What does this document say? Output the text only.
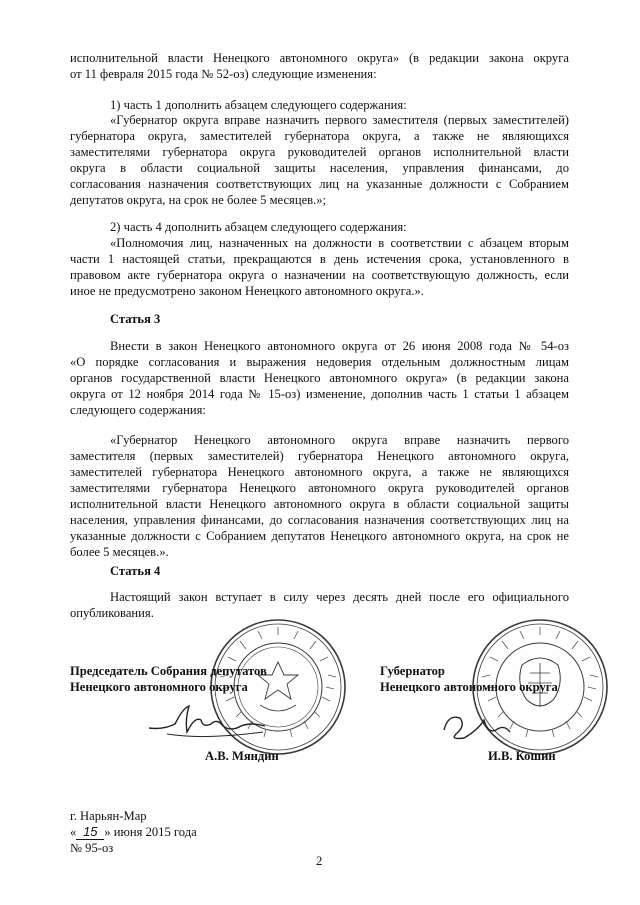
исполнительной власти Ненецкого автономного округа» (в редакции закона округа
от 11 февраля 2015 года № 52-оз) следующие изменения:
1) часть 1 дополнить абзацем следующего содержания:
«Губернатор округа вправе назначить первого заместителя (первых заместителей)
губернатора округа, заместителей губернатора округа, а также не являющихся
заместителями губернатора округа руководителей органов исполнительной власти
округа в области социальной защиты населения, управления финансами, до
согласования назначения соответствующих лиц на указанные должности с Собранием
депутатов округа, на срок не более 5 месяцев.»;
2) часть 4 дополнить абзацем следующего содержания:
«Полномочия лиц, назначенных на должности в соответствии с абзацем вторым
части 1 настоящей статьи, прекращаются в день истечения срока, установленного в
правовом акте губернатора округа о назначении на соответствующую должность, если
иное не предусмотрено законом Ненецкого автономного округа.».
Статья 3
Внести в закон Ненецкого автономного округа от 26 июня 2008 года № 54-оз
«О порядке согласования и выражения недоверия отдельным должностным лицам
органов государственной власти Ненецкого автономного округа» (в редакции закона
округа от 12 ноября 2014 года № 15-оз) изменение, дополнив часть 1 статьи 1 абзацем
следующего содержания:
«Губернатор Ненецкого автономного округа вправе назначить первого
заместителя (первых заместителей) губернатора Ненецкого автономного округа,
заместителей губернатора Ненецкого автономного округа, а также не являющихся
заместителями губернатора Ненецкого автономного округа руководителей органов
исполнительной власти Ненецкого автономного округа в области социальной защиты
населения, управления финансами, до согласования назначения соответствующих лиц на
указанные должности с Собранием депутатов Ненецкого автономного округа, на срок не
более 5 месяцев.».
Статья 4
Настоящий закон вступает в силу через десять дней после его официального
опубликования.
Председатель Собрания депутатов
Ненецкого автономного округа
Губернатор
Ненецкого автономного округа
А.В. Мяндин	И.В. Кошин
г. Нарьян-Мар
« 15 » июня 2015 года
№ 95-оз
2
